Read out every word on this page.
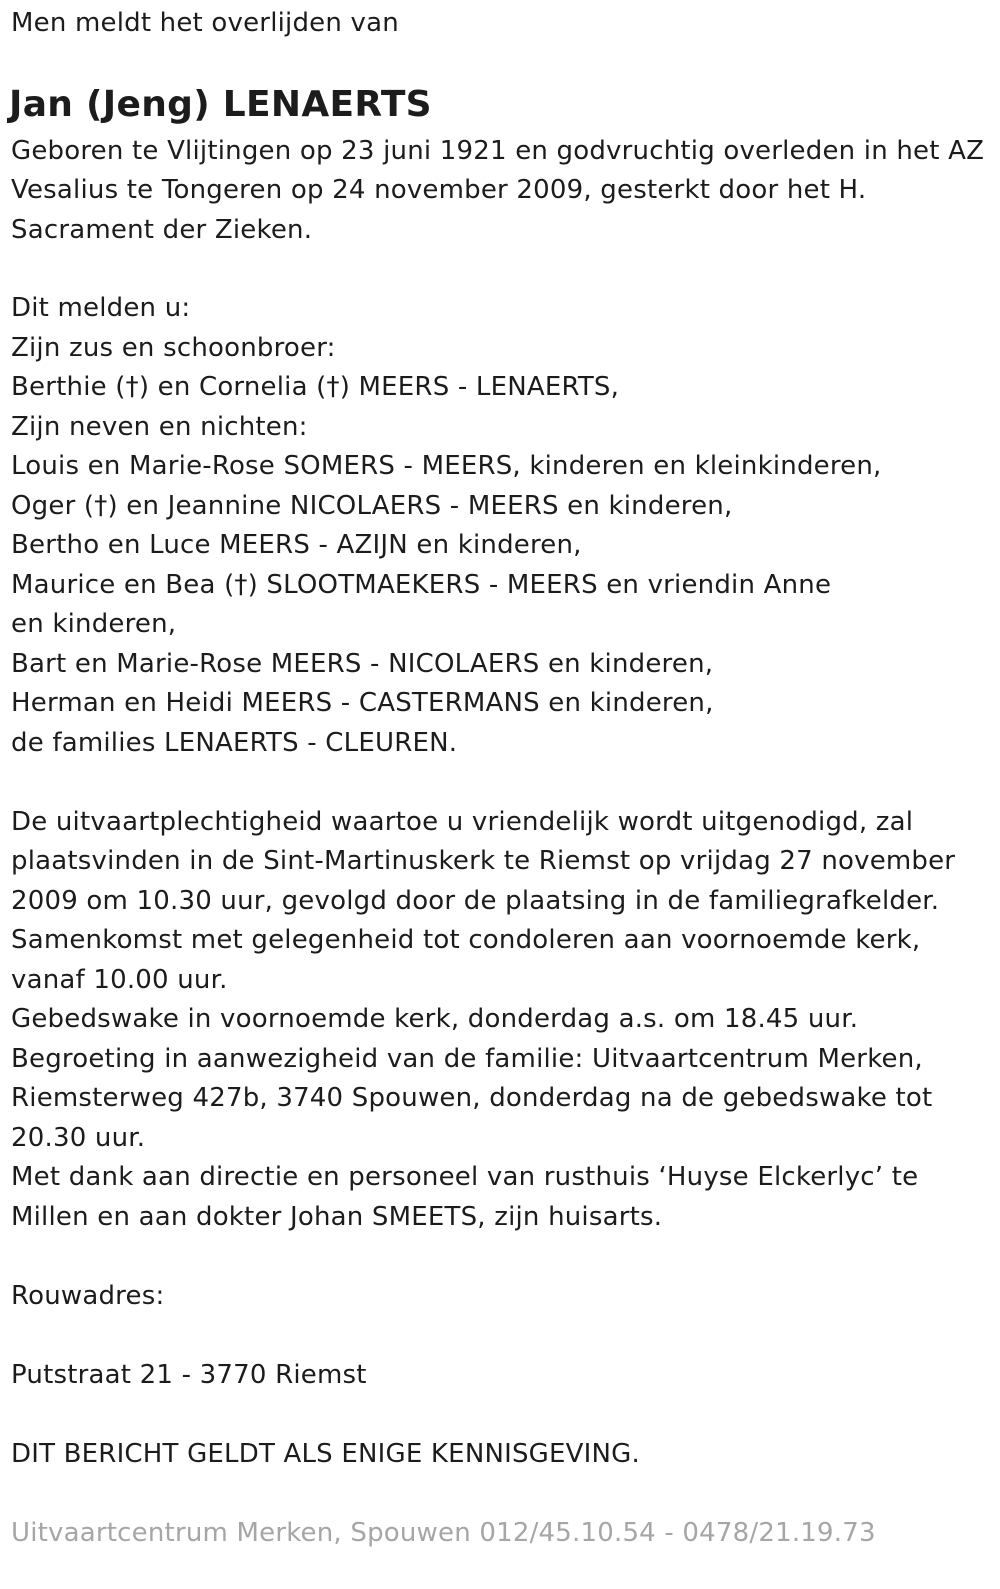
Men meldt het overlijden van

Jan (Jeng) LENAERTS

Geboren te Vlijtingen op 23 juni 1921 en godvruchtig overleden in het AZ

Vesalius te Tongeren op 24 november 2009, gesterkt door het H.

Sacrament der Zieken.

Dit melden u:

Zijn zus en schoonbroer:

Berthie (†) en Cornelia (†) MEERS - LENAERTS,

Zijn neven en nichten:

Louis en Marie-Rose SOMERS - MEERS, kinderen en kleinkinderen,

Oger (†) en Jeannine NICOLAERS - MEERS en kinderen,

Bertho en Luce MEERS - AZIJN en kinderen,

Maurice en Bea (†) SLOOTMAEKERS - MEERS en vriendin Anne

en kinderen,

Bart en Marie-Rose MEERS - NICOLAERS en kinderen,

Herman en Heidi MEERS - CASTERMANS en kinderen,

de families LENAERTS - CLEUREN.

De uitvaartplechtigheid waartoe u vriendelijk wordt uitgenodigd, zal

plaatsvinden in de Sint-Martinuskerk te Riemst op vrijdag 27 november

2009 om 10.30 uur, gevolgd door de plaatsing in de familiegrafkelder.

Samenkomst met gelegenheid tot condoleren aan voornoemde kerk,

vanaf 10.00 uur.

Gebedswake in voornoemde kerk, donderdag a.s. om 18.45 uur.

Begroeting in aanwezigheid van de familie: Uitvaartcentrum Merken,

Riemsterweg 427b, 3740 Spouwen, donderdag na de gebedswake tot

20.30 uur.

Met dank aan directie en personeel van rusthuis ‘Huyse Elckerlyc’ te

Millen en aan dokter Johan SMEETS, zijn huisarts.

Rouwadres:

Putstraat 21 - 3770 Riemst

DIT BERICHT GELDT ALS ENIGE KENNISGEVING.

Uitvaartcentrum Merken, Spouwen 012/45.10.54 - 0478/21.19.73
